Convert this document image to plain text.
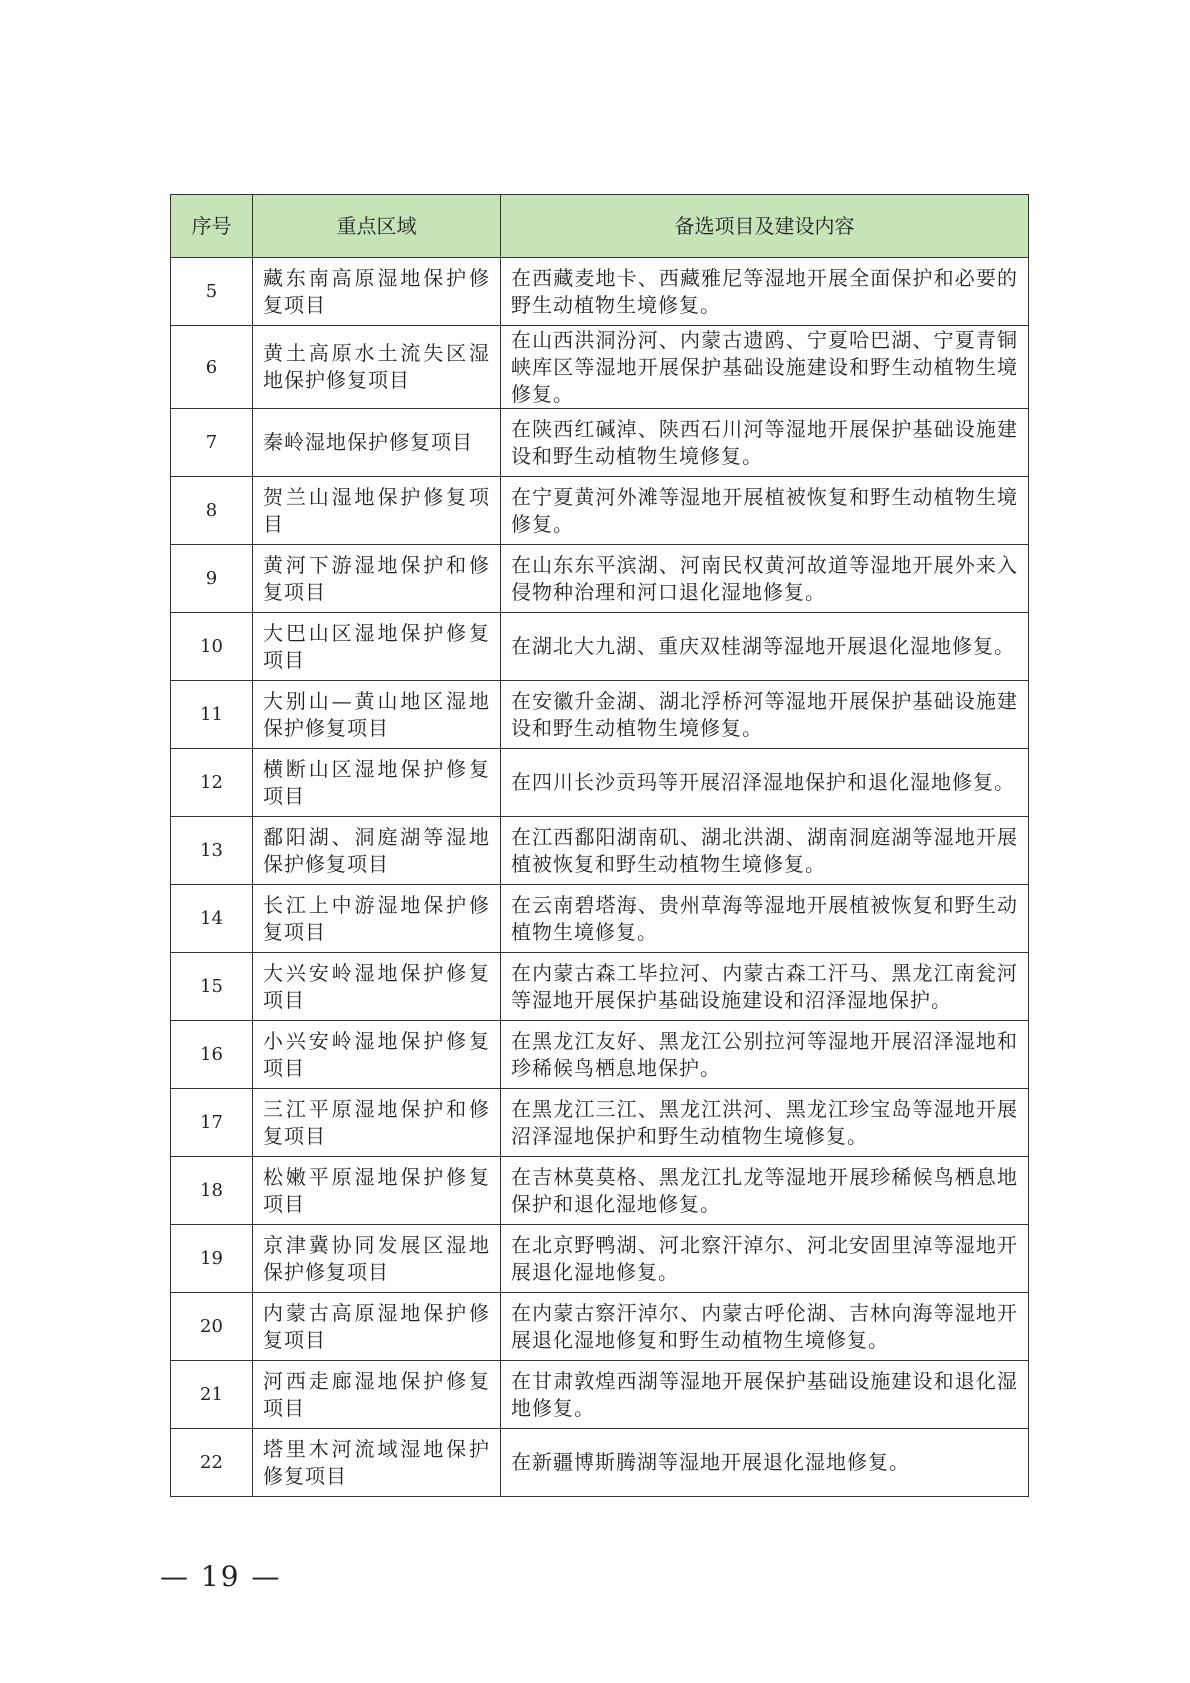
序号	重点区域	备选项目及建设内容
5	藏东南高原湿地保护修复项目	在西藏麦地卡、西藏雅尼等湿地开展全面保护和必要的野生动植物生境修复。
6	黄土高原水土流失区湿地保护修复项目	在山西洪洞汾河、内蒙古遗鸥、宁夏哈巴湖、宁夏青铜峡库区等湿地开展保护基础设施建设和野生动植物生境修复。
7	秦岭湿地保护修复项目	在陕西红碱淖、陕西石川河等湿地开展保护基础设施建设和野生动植物生境修复。
8	贺兰山湿地保护修复项目	在宁夏黄河外滩等湿地开展植被恢复和野生动植物生境修复。
9	黄河下游湿地保护和修复项目	在山东东平滨湖、河南民权黄河故道等湿地开展外来入侵物种治理和河口退化湿地修复。
10	大巴山区湿地保护修复项目	在湖北大九湖、重庆双桂湖等湿地开展退化湿地修复。
11	大别山—黄山地区湿地保护修复项目	在安徽升金湖、湖北浮桥河等湿地开展保护基础设施建设和野生动植物生境修复。
12	横断山区湿地保护修复项目	在四川长沙贡玛等开展沼泽湿地保护和退化湿地修复。
13	鄱阳湖、洞庭湖等湿地保护修复项目	在江西鄱阳湖南矶、湖北洪湖、湖南洞庭湖等湿地开展植被恢复和野生动植物生境修复。
14	长江上中游湿地保护修复项目	在云南碧塔海、贵州草海等湿地开展植被恢复和野生动植物生境修复。
15	大兴安岭湿地保护修复项目	在内蒙古森工毕拉河、内蒙古森工汗马、黑龙江南瓮河等湿地开展保护基础设施建设和沼泽湿地保护。
16	小兴安岭湿地保护修复项目	在黑龙江友好、黑龙江公别拉河等湿地开展沼泽湿地和珍稀候鸟栖息地保护。
17	三江平原湿地保护和修复项目	在黑龙江三江、黑龙江洪河、黑龙江珍宝岛等湿地开展沼泽湿地保护和野生动植物生境修复。
18	松嫩平原湿地保护修复项目	在吉林莫莫格、黑龙江扎龙等湿地开展珍稀候鸟栖息地保护和退化湿地修复。
19	京津冀协同发展区湿地保护修复项目	在北京野鸭湖、河北察汗淖尔、河北安固里淖等湿地开展退化湿地修复。
20	内蒙古高原湿地保护修复项目	在内蒙古察汗淖尔、内蒙古呼伦湖、吉林向海等湿地开展退化湿地修复和野生动植物生境修复。
21	河西走廊湿地保护修复项目	在甘肃敦煌西湖等湿地开展保护基础设施建设和退化湿地修复。
22	塔里木河流域湿地保护修复项目	在新疆博斯腾湖等湿地开展退化湿地修复。
— 19 —
